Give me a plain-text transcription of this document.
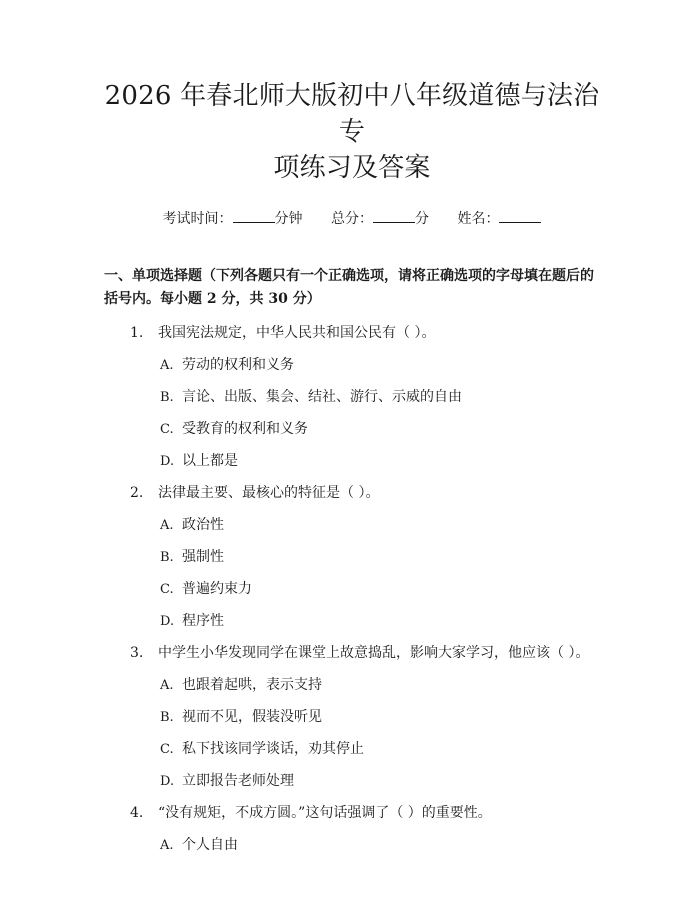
2026 年春北师大版初中八年级道德与法治专
项练习及答案
考试时间：	分钟 总分：	分 姓名：
一、单项选择题（下列各题只有一个正确选项，请将正确选项的字母填在题后的括号内。每小题 2 分，共 30 分）
1.	我国宪法规定，中华人民共和国公民有（ ）。
A. 劳动的权利和义务
B. 言论、出版、集会、结社、游行、示威的自由
C. 受教育的权利和义务
D. 以上都是
2.	法律最主要、最核心的特征是（ ）。
A. 政治性
B. 强制性
C. 普遍约束力
D. 程序性
3.	中学生小华发现同学在课堂上故意捣乱，影响大家学习，他应该（ ）。
A. 也跟着起哄，表示支持
B. 视而不见，假装没听见
C. 私下找该同学谈话，劝其停止
D. 立即报告老师处理
4.	“没有规矩，不成方圆。”这句话强调了（ ）的重要性。
A. 个人自由
